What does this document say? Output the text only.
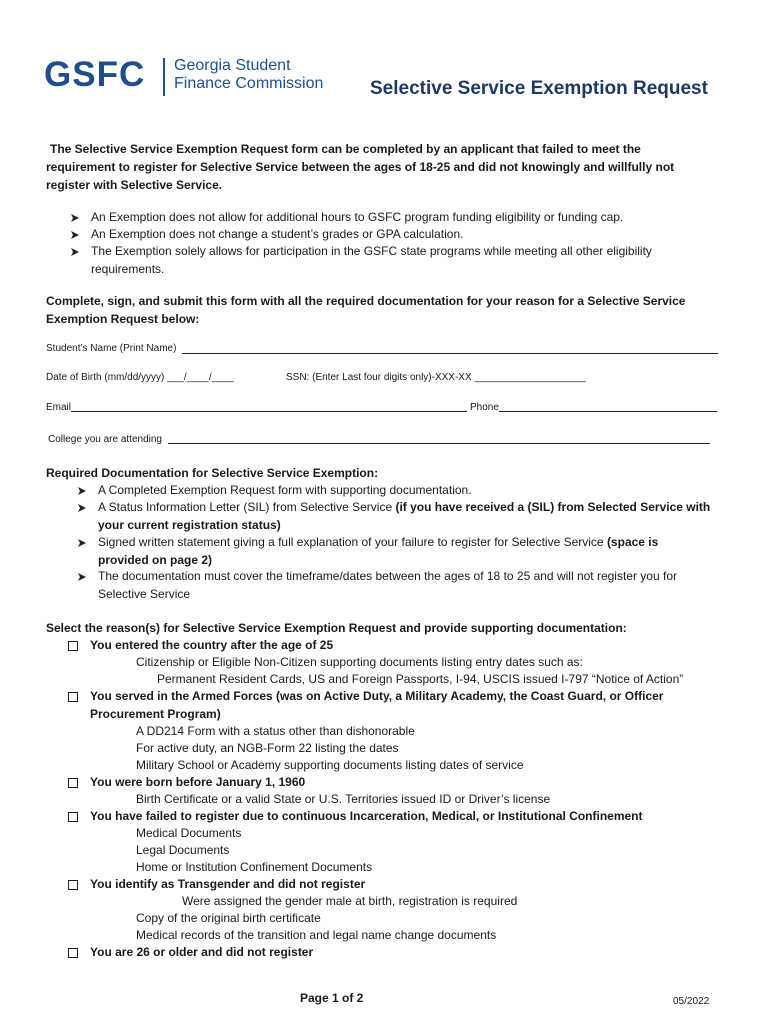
GSFC Georgia Student
Finance Commission Selective Service Exemption Request
The Selective Service Exemption Request form can be completed by an applicant that failed to meet the
requirement to register for Selective Service between the ages of 18-25 and did not knowingly and willfully not
register with Selective Service.
An Exemption does not allow for additional hours to GSFC program funding eligibility or funding cap.
An Exemption does not change a student’s grades or GPA calculation.
The Exemption solely allows for participation in the GSFC state programs while meeting all other eligibility
requirements.
Complete, sign, and submit this form with all the required documentation for your reason for a Selective Service
Exemption Request below:
Student’s Name (Print Name)
Date of Birth (mm/dd/yyyy) ___/____/____	SSN: (Enter Last four digits only)-XXX-XX ____________________
Email	Phone
College you are attending
Required Documentation for Selective Service Exemption:
A Completed Exemption Request form with supporting documentation.
A Status Information Letter (SIL) from Selective Service (if you have received a (SIL) from Selected Service with
your current registration status)
Signed written statement giving a full explanation of your failure to register for Selective Service (space is
provided on page 2)
The documentation must cover the timeframe/dates between the ages of 18 to 25 and will not register you for
Selective Service
Select the reason(s) for Selective Service Exemption Request and provide supporting documentation:
You entered the country after the age of 25
Citizenship or Eligible Non-Citizen supporting documents listing entry dates such as:
Permanent Resident Cards, US and Foreign Passports, I-94, USCIS issued I-797 “Notice of Action”
You served in the Armed Forces (was on Active Duty, a Military Academy, the Coast Guard, or Officer
Procurement Program)
A DD214 Form with a status other than dishonorable
For active duty, an NGB-Form 22 listing the dates
Military School or Academy supporting documents listing dates of service
You were born before January 1, 1960
Birth Certificate or a valid State or U.S. Territories issued ID or Driver’s license
You have failed to register due to continuous Incarceration, Medical, or Institutional Confinement
Medical Documents
Legal Documents
Home or Institution Confinement Documents
You identify as Transgender and did not register
Were assigned the gender male at birth, registration is required
Copy of the original birth certificate
Medical records of the transition and legal name change documents
You are 26 or older and did not register
Page 1 of 2	05/2022
